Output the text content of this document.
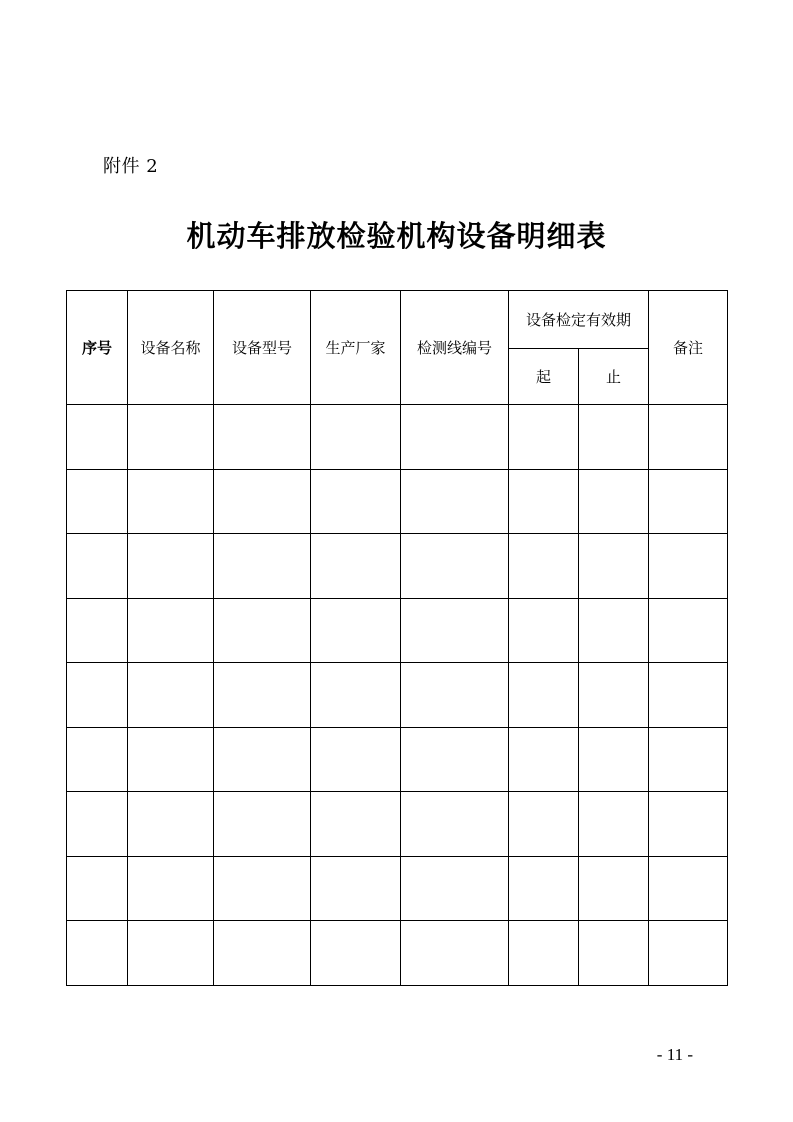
附件 2
机动车排放检验机构设备明细表
序号	设备名称	设备型号	生产厂家	检测线编号	设备检定有效期		备注
					起	止	

- 11 -
